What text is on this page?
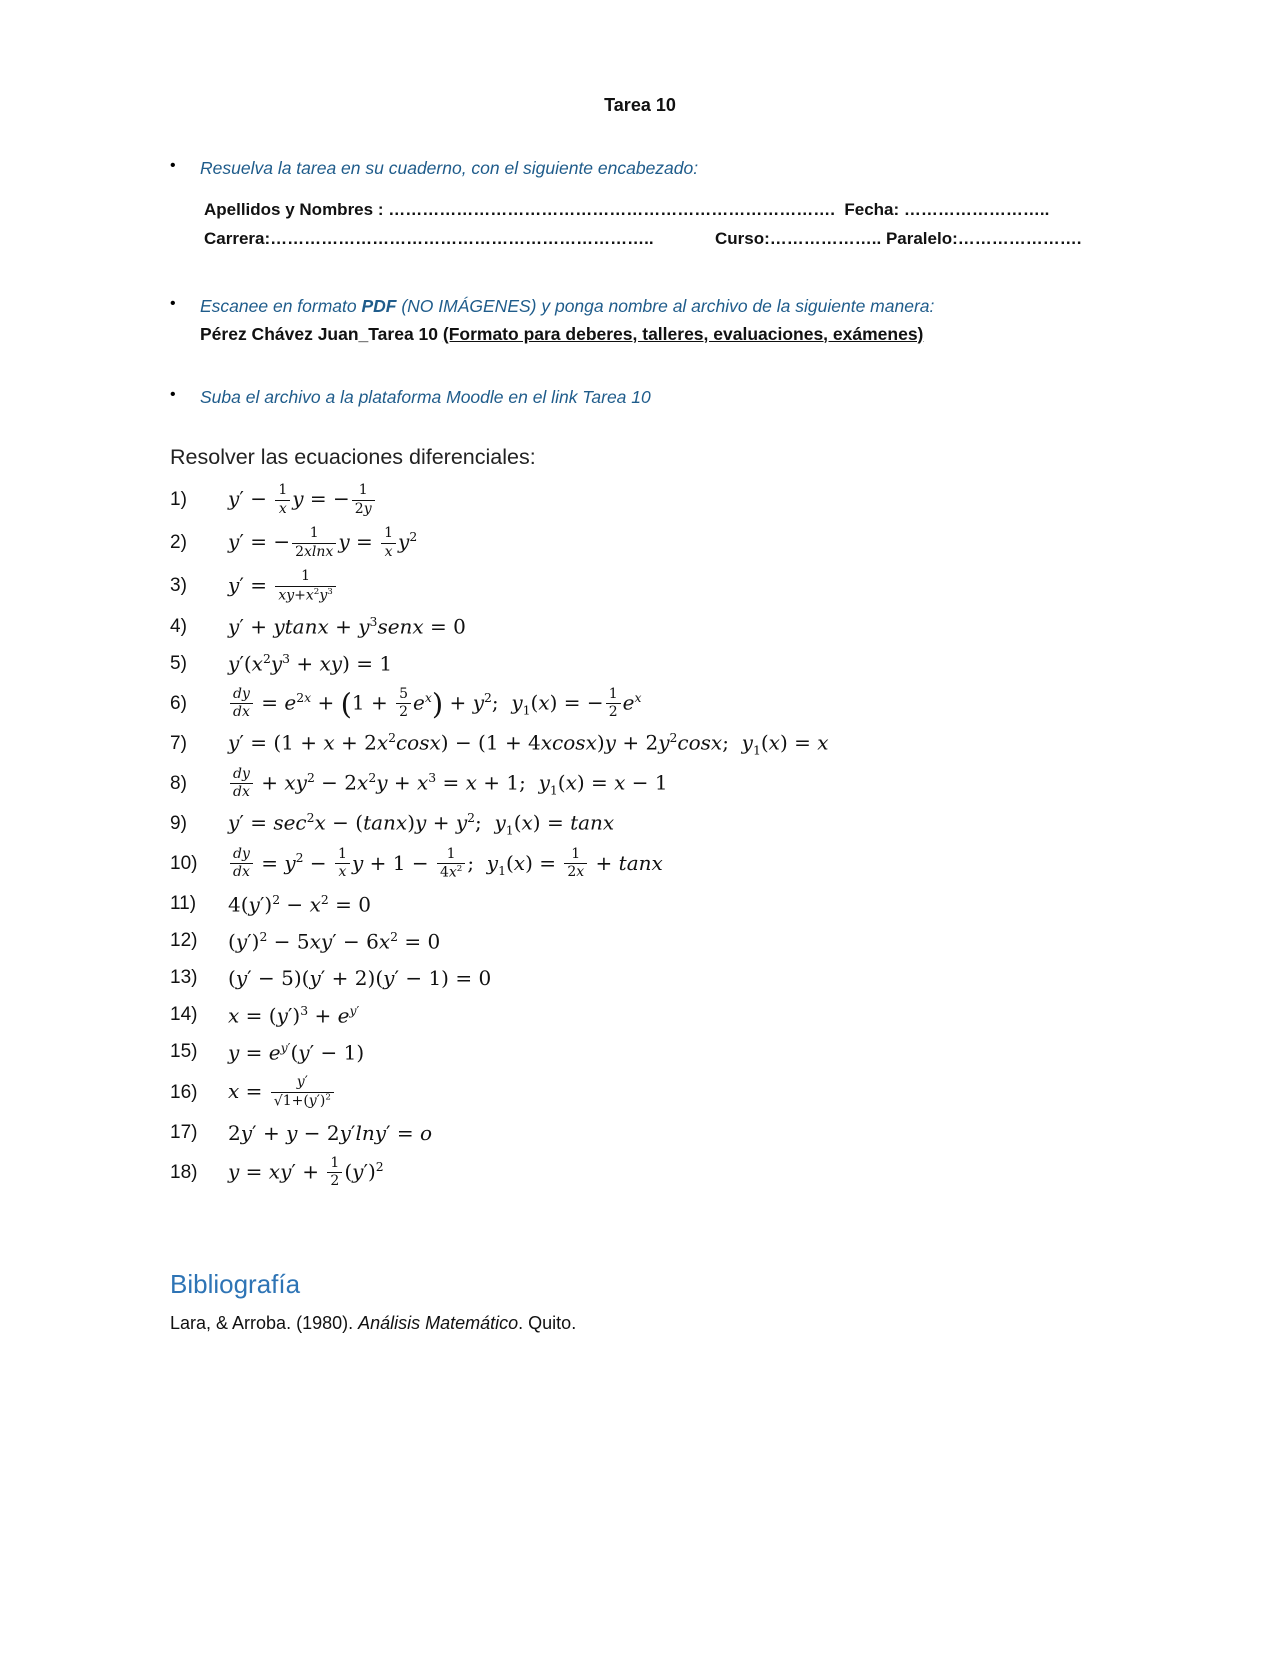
Tarea 10
•	Resuelva la tarea en su cuaderno, con el siguiente encabezado:
Apellidos y Nombres : …………………………………………………………………….  Fecha: ……………………..
Carrera:…………………………………………………………..             Curso:……………….. Paralelo:………………….
•	Escanee en formato PDF (NO IMÁGENES) y ponga nombre al archivo de la siguiente manera:
Pérez Chávez Juan_Tarea 10 (Formato para deberes, talleres, evaluaciones, exámenes)
•	Suba el archivo a la plataforma Moodle en el link Tarea 10
Resolver las ecuaciones diferenciales:
1)	$y' - \frac{1}{x}$ y = − $\frac{1}{2y}$
2)	y′ = − $\frac{1}{2xlnx}$ $y = \frac{1}{x} y^2$
3)	$y' = \frac{1}{xy+x^2y^3}$
4)	$y' + ytanx + y^3senx = 0$
5)	$y'(x^2y^3 + xy) = 1$
6)	$\frac{dy}{dx} = e^{2x} + (1 + \frac{5}{2} e^x) + y^2$;  $y_1(x)$ = − $\frac{1}{2} e^x$
7)	$y' = (1 + x + 2x^2\cos x) - (1 + 4xcosx)y + 2y^2\cos x$;  $y_1(x) = x$
8)	$\frac{dy}{dx} + xy^2 - 2x^2y + x^3 = x + 1$;  $y_1(x) = x - 1$
9)	$y' = \sec^2x - (\tan x)y + y^2$;  $y_1(x) = \tan x$
10)	$\frac{dy}{dx} = y^2 - \frac{1}{x}$ $y + 1 - \frac{1}{4x^2}$ ;  $y_1(x) = \frac{1}{2x} + \tan x$
11)	$4(y')^2 - x^2 = 0$
12)	$(y')^2 - 5xy' - 6x^2 = 0$
13)	(y′ − 5)(y′ + 2)(y′ − 1) = 0
14)	$x = (y')^3 + e^{y'}$
15)	$y = e^{y'}(y' - 1)$
16)	$x = \frac{y'}{√1+(y')^2}$
17)	2y′ + y − 2y′lny′ = o
18)	$y = xy' + \frac{1}{2} (y')^2$
Bibliografía
Lara, & Arroba. (1980). Análisis Matemático. Quito.
